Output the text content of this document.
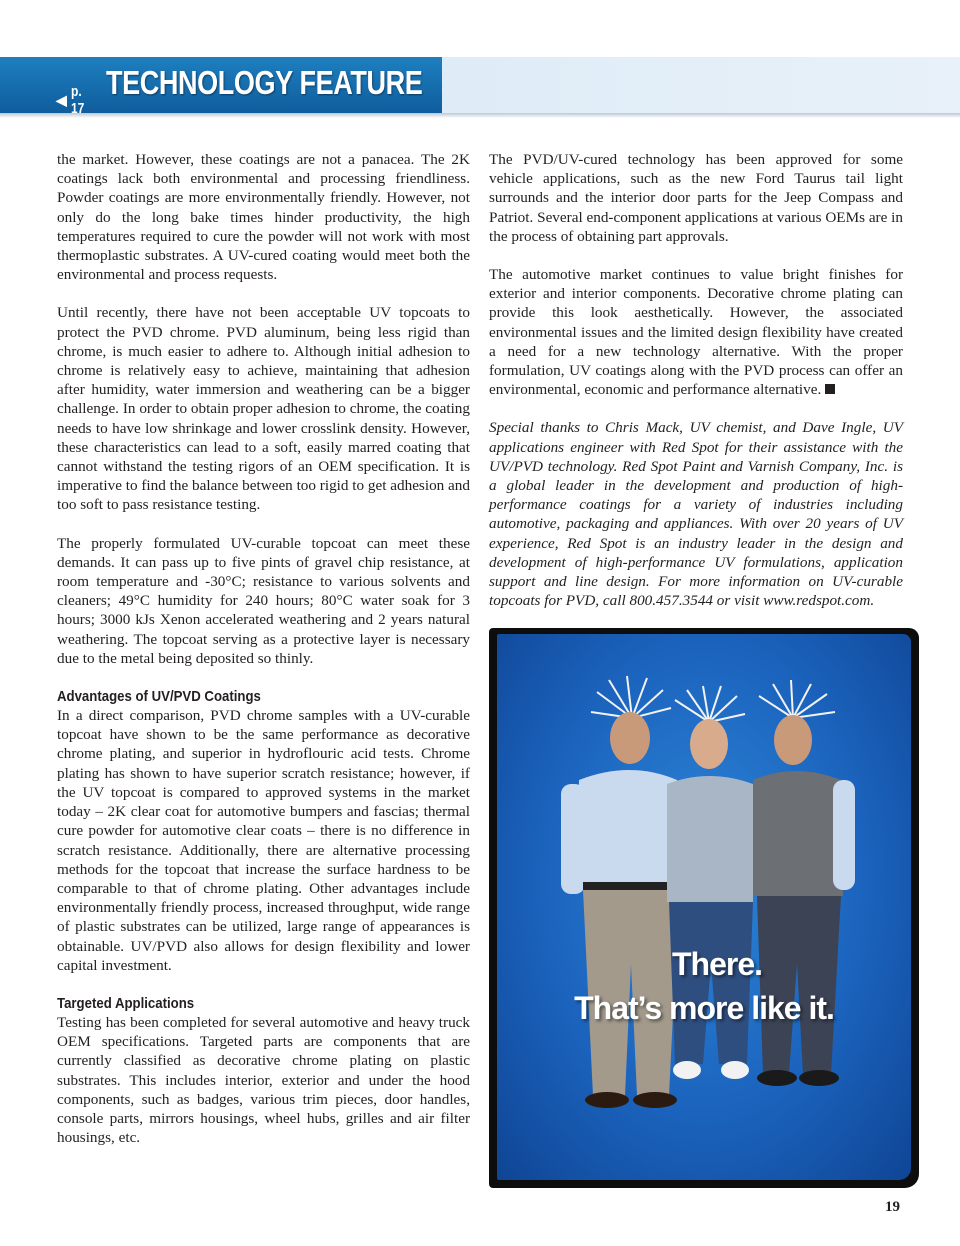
◀ p. 17
TECHNOLOGY FEATURE

the market. However, these coatings are not a panacea. The 2K coatings lack both environmental and processing friendliness. Powder coatings are more environmentally friendly. However, not only do the long bake times hinder productivity, the high temperatures required to cure the powder will not work with most thermoplastic substrates. A UV-cured coating would meet both the environmental and process requests.

Until recently, there have not been acceptable UV topcoats to protect the PVD chrome. PVD aluminum, being less rigid than chrome, is much easier to adhere to. Although initial adhesion to chrome is relatively easy to achieve, maintaining that adhesion after humidity, water immersion and weathering can be a bigger challenge. In order to obtain proper adhesion to chrome, the coating needs to have low shrinkage and lower crosslink density. However, these characteristics can lead to a soft, easily marred coating that cannot withstand the testing rigors of an OEM specification. It is imperative to find the balance between too rigid to get adhesion and too soft to pass resistance testing.

The properly formulated UV-curable topcoat can meet these demands. It can pass up to five pints of gravel chip resistance, at room temperature and -30°C; resistance to various solvents and cleaners; 49°C humidity for 240 hours; 80°C water soak for 3 hours; 3000 kJs Xenon accelerated weathering and 2 years natural weathering. The topcoat serving as a protective layer is necessary due to the metal being deposited so thinly.

Advantages of UV/PVD Coatings

In a direct comparison, PVD chrome samples with a UV-curable topcoat have shown to be the same performance as decorative chrome plating, and superior in hydroflouric acid tests. Chrome plating has shown to have superior scratch resistance; however, if the UV topcoat is compared to approved systems in the market today – 2K clear coat for automotive bumpers and fascias; thermal cure powder for automotive clear coats – there is no difference in scratch resistance. Additionally, there are alternative processing methods for the topcoat that increase the surface hardness to be comparable to that of chrome plating. Other advantages include environmentally friendly process, increased throughput, wide range of plastic substrates can be utilized, large range of appearances is obtainable. UV/PVD also allows for design flexibility and lower capital investment.

Targeted Applications

Testing has been completed for several automotive and heavy truck OEM specifications. Targeted parts are components that are currently classified as decorative chrome plating on plastic substrates. This includes interior, exterior and under the hood components, such as badges, various trim pieces, door handles, console parts, mirrors housings, wheel hubs, grilles and air filter housings, etc.

The PVD/UV-cured technology has been approved for some vehicle applications, such as the new Ford Taurus tail light surrounds and the interior door parts for the Jeep Compass and Patriot. Several end-component applications at various OEMs are in the process of obtaining part approvals.

The automotive market continues to value bright finishes for exterior and interior components. Decorative chrome plating can provide this look aesthetically. However, the associated environmental issues and the limited design flexibility have created a need for a new technology alternative. With the proper formulation, UV coatings along with the PVD process can offer an environmental, economic and performance alternative.

Special thanks to Chris Mack, UV chemist, and Dave Ingle, UV applications engineer with Red Spot for their assistance with the UV/PVD technology. Red Spot Paint and Varnish Company, Inc. is a global leader in the development and production of high-performance coatings for a variety of industries including automotive, packaging and appliances. With over 20 years of UV experience, Red Spot is an industry leader in the design and development of high-performance UV formulations, application support and line design. For more information on UV-curable topcoats for PVD, call 800.457.3544 or visit www.redspot.com.

There.
That’s more like it.
19
